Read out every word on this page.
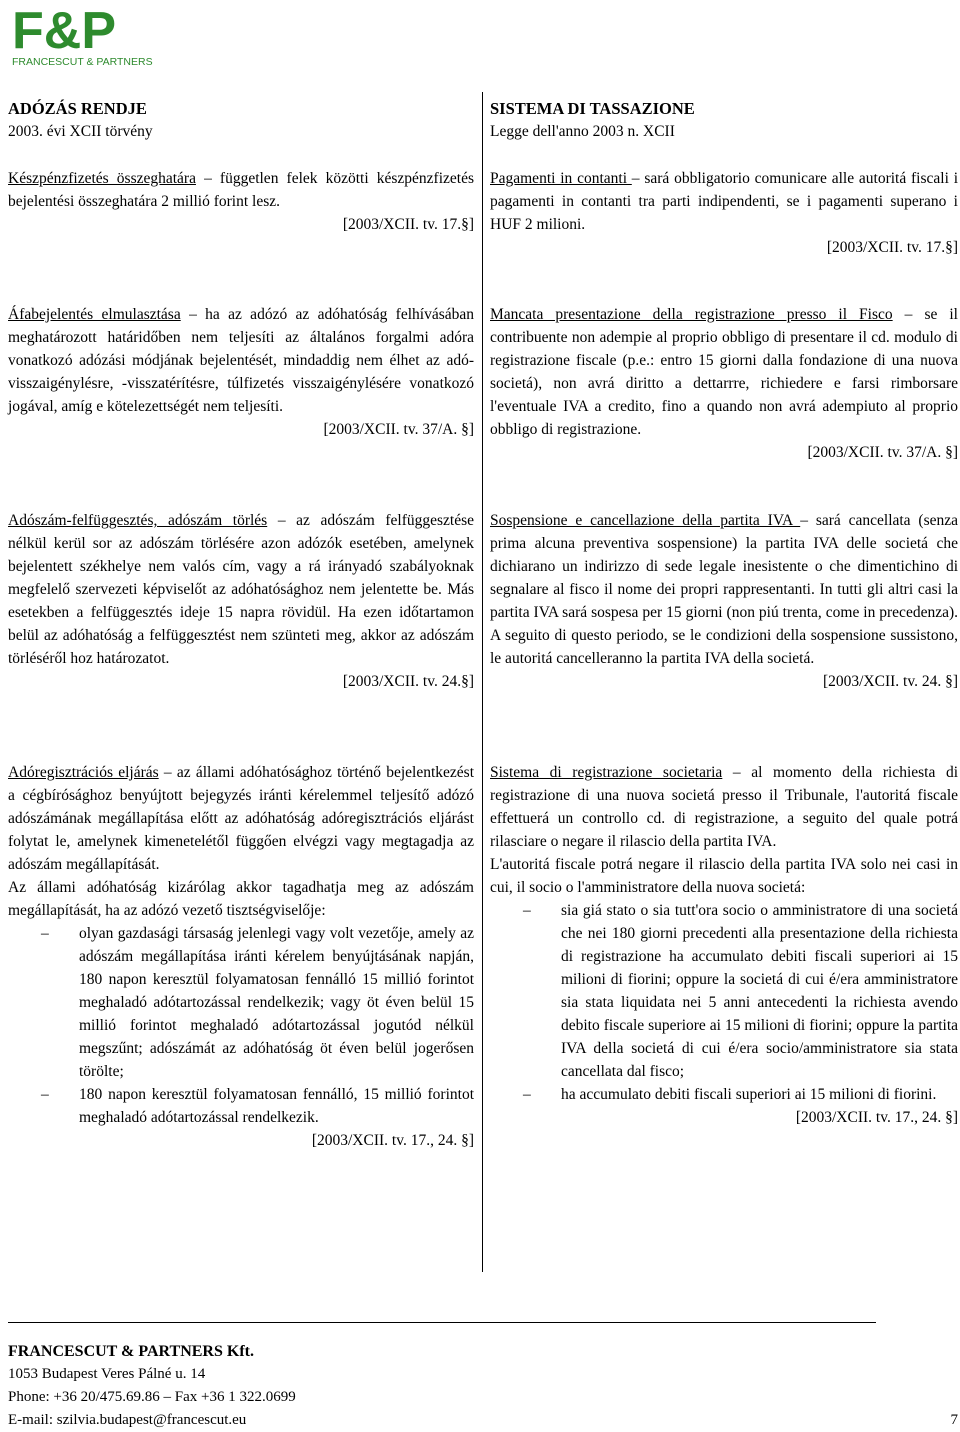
F&P
FRANCESCUT & PARTNERS
ADÓZÁS RENDJE
2003. évi XCII törvény
Készpénzfizetés összeghatára – független felek közötti készpénzfizetés bejelentési összeghatára 2 millió forint lesz.
[2003/XCII. tv. 17.§]
Áfabejelentés elmulasztása – ha az adózó az adóhatóság felhívásában meghatározott határidőben nem teljesíti az általános forgalmi adóra vonatkozó adózási módjának bejelentését, mindaddig nem élhet az adó-visszaigénylésre, -visszatérítésre, túlfizetés visszaigénylésére vonatkozó jogával, amíg e kötelezettségét nem teljesíti.
[2003/XCII. tv. 37/A. §]
Adószám-felfüggesztés, adószám törlés – az adószám felfüggesztése nélkül kerül sor az adószám törlésére azon adózók esetében, amelynek bejelentett székhelye nem valós cím, vagy a rá irányadó szabályoknak megfelelő szervezeti képviselőt az adóhatósághoz nem jelentette be. Más esetekben a felfüggesztés ideje 15 napra rövidül. Ha ezen időtartamon belül az adóhatóság a felfüggesztést nem szünteti meg, akkor az adószám törléséről hoz határozatot.
[2003/XCII. tv. 24.§]
Adóregisztrációs eljárás – az állami adóhatósághoz történő bejelentkezést a cégbírósághoz benyújtott bejegyzés iránti kérelemmel teljesítő adózó adószámának megállapítása előtt az adóhatóság adóregisztrációs eljárást folytat le, amelynek kimenetelétől függően elvégzi vagy megtagadja az adószám megállapítását.
Az állami adóhatóság kizárólag akkor tagadhatja meg az adószám megállapítását, ha az adózó vezető tisztségviselője:
– olyan gazdasági társaság jelenlegi vagy volt vezetője, amely az adószám megállapítása iránti kérelem benyújtásának napján, 180 napon keresztül folyamatosan fennálló 15 millió forintot meghaladó adótartozással rendelkezik; vagy öt éven belül 15 millió forintot meghaladó adótartozással jogutód nélkül megszűnt; adószámát az adóhatóság öt éven belül jogerősen törölte;
– 180 napon keresztül folyamatosan fennálló, 15 millió forintot meghaladó adótartozással rendelkezik.
[2003/XCII. tv. 17., 24. §]
SISTEMA DI TASSAZIONE
Legge dell'anno 2003 n. XCII
Pagamenti in contanti – sará obbligatorio comunicare alle autoritá fiscali i pagamenti in contanti tra parti indipendenti, se i pagamenti superano i HUF 2 milioni.
[2003/XCII. tv. 17.§]
Mancata presentazione della registrazione presso il Fisco – se il contribuente non adempie al proprio obbligo di presentare il cd. modulo di registrazione fiscale (p.e.: entro 15 giorni dalla fondazione di una nuova societá), non avrá diritto a dettarrre, richiedere e farsi rimborsare l'eventuale IVA a credito, fino a quando non avrá adempiuto al proprio obbligo di registrazione.
[2003/XCII. tv. 37/A. §]
Sospensione e cancellazione della partita IVA – sará cancellata (senza prima alcuna preventiva sospensione) la partita IVA delle societá che dichiarano un indirizzo di sede legale inesistente o che dimentichino di segnalare al fisco il nome dei propri rappresentanti. In tutti gli altri casi la partita IVA sará sospesa per 15 giorni (non piú trenta, come in precedenza). A seguito di questo periodo, se le condizioni della sospensione sussistono, le autoritá cancelleranno la partita IVA della societá.
[2003/XCII. tv. 24. §]
Sistema di registrazione societaria – al momento della richiesta di registrazione di una nuova societá presso il Tribunale, l'autoritá fiscale effettuerá un controllo cd. di registrazione, a seguito del quale potrá rilasciare o negare il rilascio della partita IVA.
L'autoritá fiscale potrá negare il rilascio della partita IVA solo nei casi in cui, il socio o l'amministratore della nuova societá:
– sia giá stato o sia tutt'ora socio o amministratore di una societá che nei 180 giorni precedenti alla presentazione della richiesta di registrazione ha accumulato debiti fiscali superiori ai 15 milioni di fiorini; oppure la societá di cui é/era amministratore sia stata liquidata nei 5 anni antecedenti la richiesta avendo debito fiscale superiore ai 15 milioni di fiorini; oppure la partita IVA della societá di cui é/era socio/amministratore sia stata cancellata dal fisco;
– ha accumulato debiti fiscali superiori ai 15 milioni di fiorini.
[2003/XCII. tv. 17., 24. §]
FRANCESCUT & PARTNERS Kft.
1053 Budapest Veres Pálné u. 14
Phone: +36 20/475.69.86 – Fax +36 1 322.0699
E-mail: szilvia.budapest@francescut.eu	7
